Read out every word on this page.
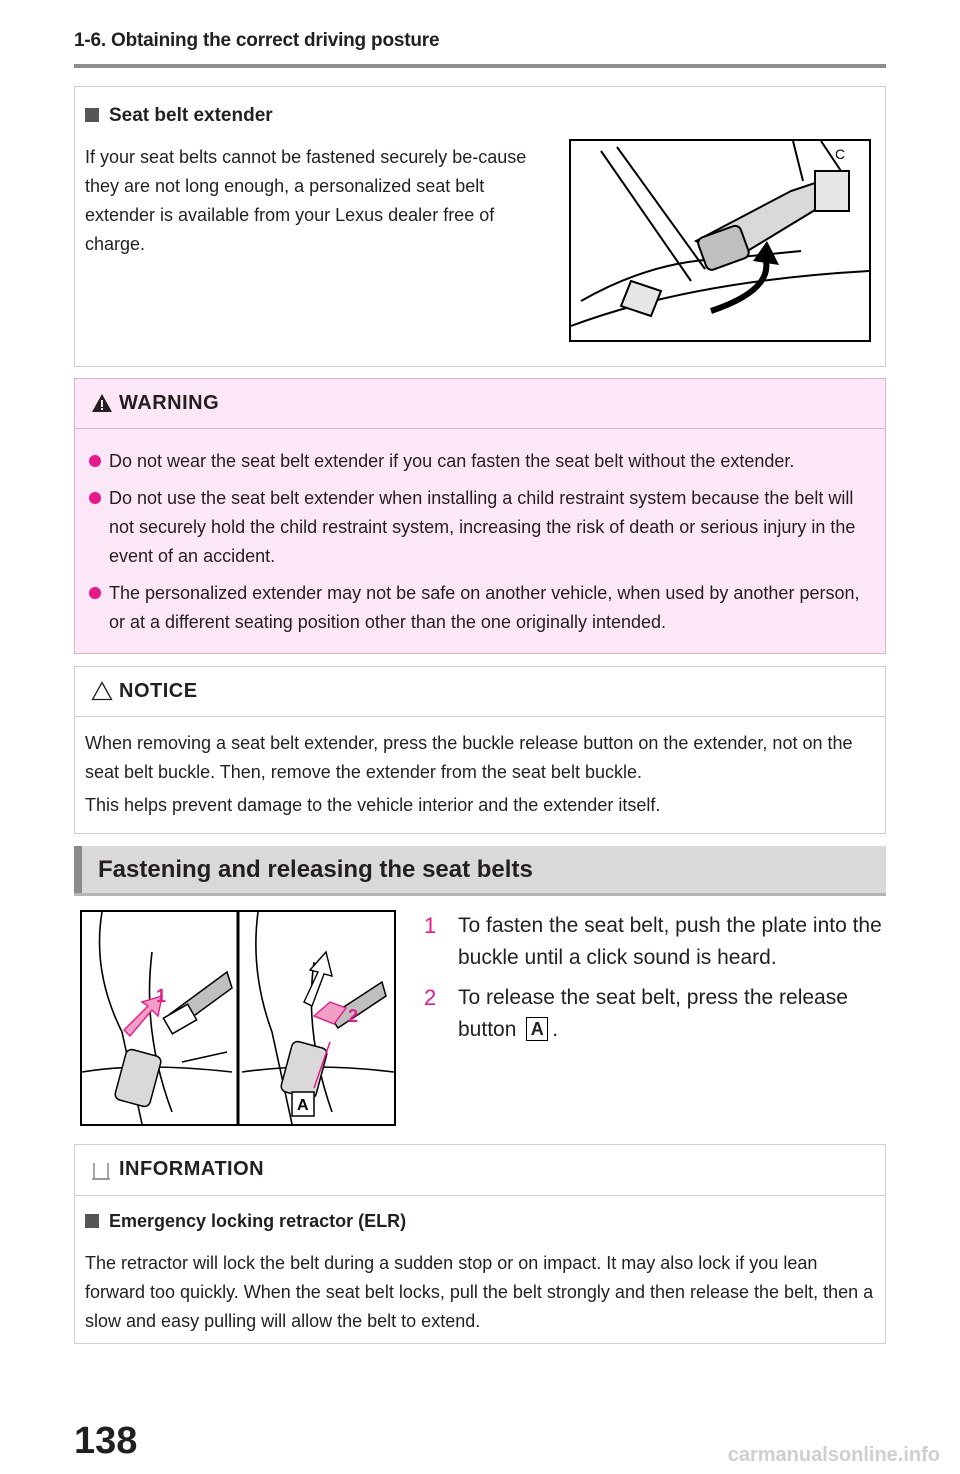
1-6. Obtaining the correct driving posture
Seat belt extender
If your seat belts cannot be fastened securely be-cause they are not long enough, a personalized seat belt extender is available from your Lexus dealer free of charge.
C
WARNING
Do not wear the seat belt extender if you can fasten the seat belt without the extender.
Do not use the seat belt extender when installing a child restraint system because the belt will not securely hold the child restraint system, increasing the risk of death or serious injury in the event of an accident.
The personalized extender may not be safe on another vehicle, when used by another person, or at a different seating position other than the one originally intended.
NOTICE

When removing a seat belt extender, press the buckle release button on the extender, not on the seat belt buckle. Then, remove the extender from the seat belt buckle.

This helps prevent damage to the vehicle interior and the extender itself.

Fastening and releasing the seat belts
1
2
A
1 To fasten the seat belt, push the plate into the buckle until a click sound is heard.
2 To release the seat belt, press the release button A .
INFORMATION
Emergency locking retractor (ELR)
The retractor will lock the belt during a sudden stop or on impact. It may also lock if you lean forward too quickly. When the seat belt locks, pull the belt strongly and then release the belt, then a slow and easy pulling will allow the belt to extend.
138	carmanualsonline.info
